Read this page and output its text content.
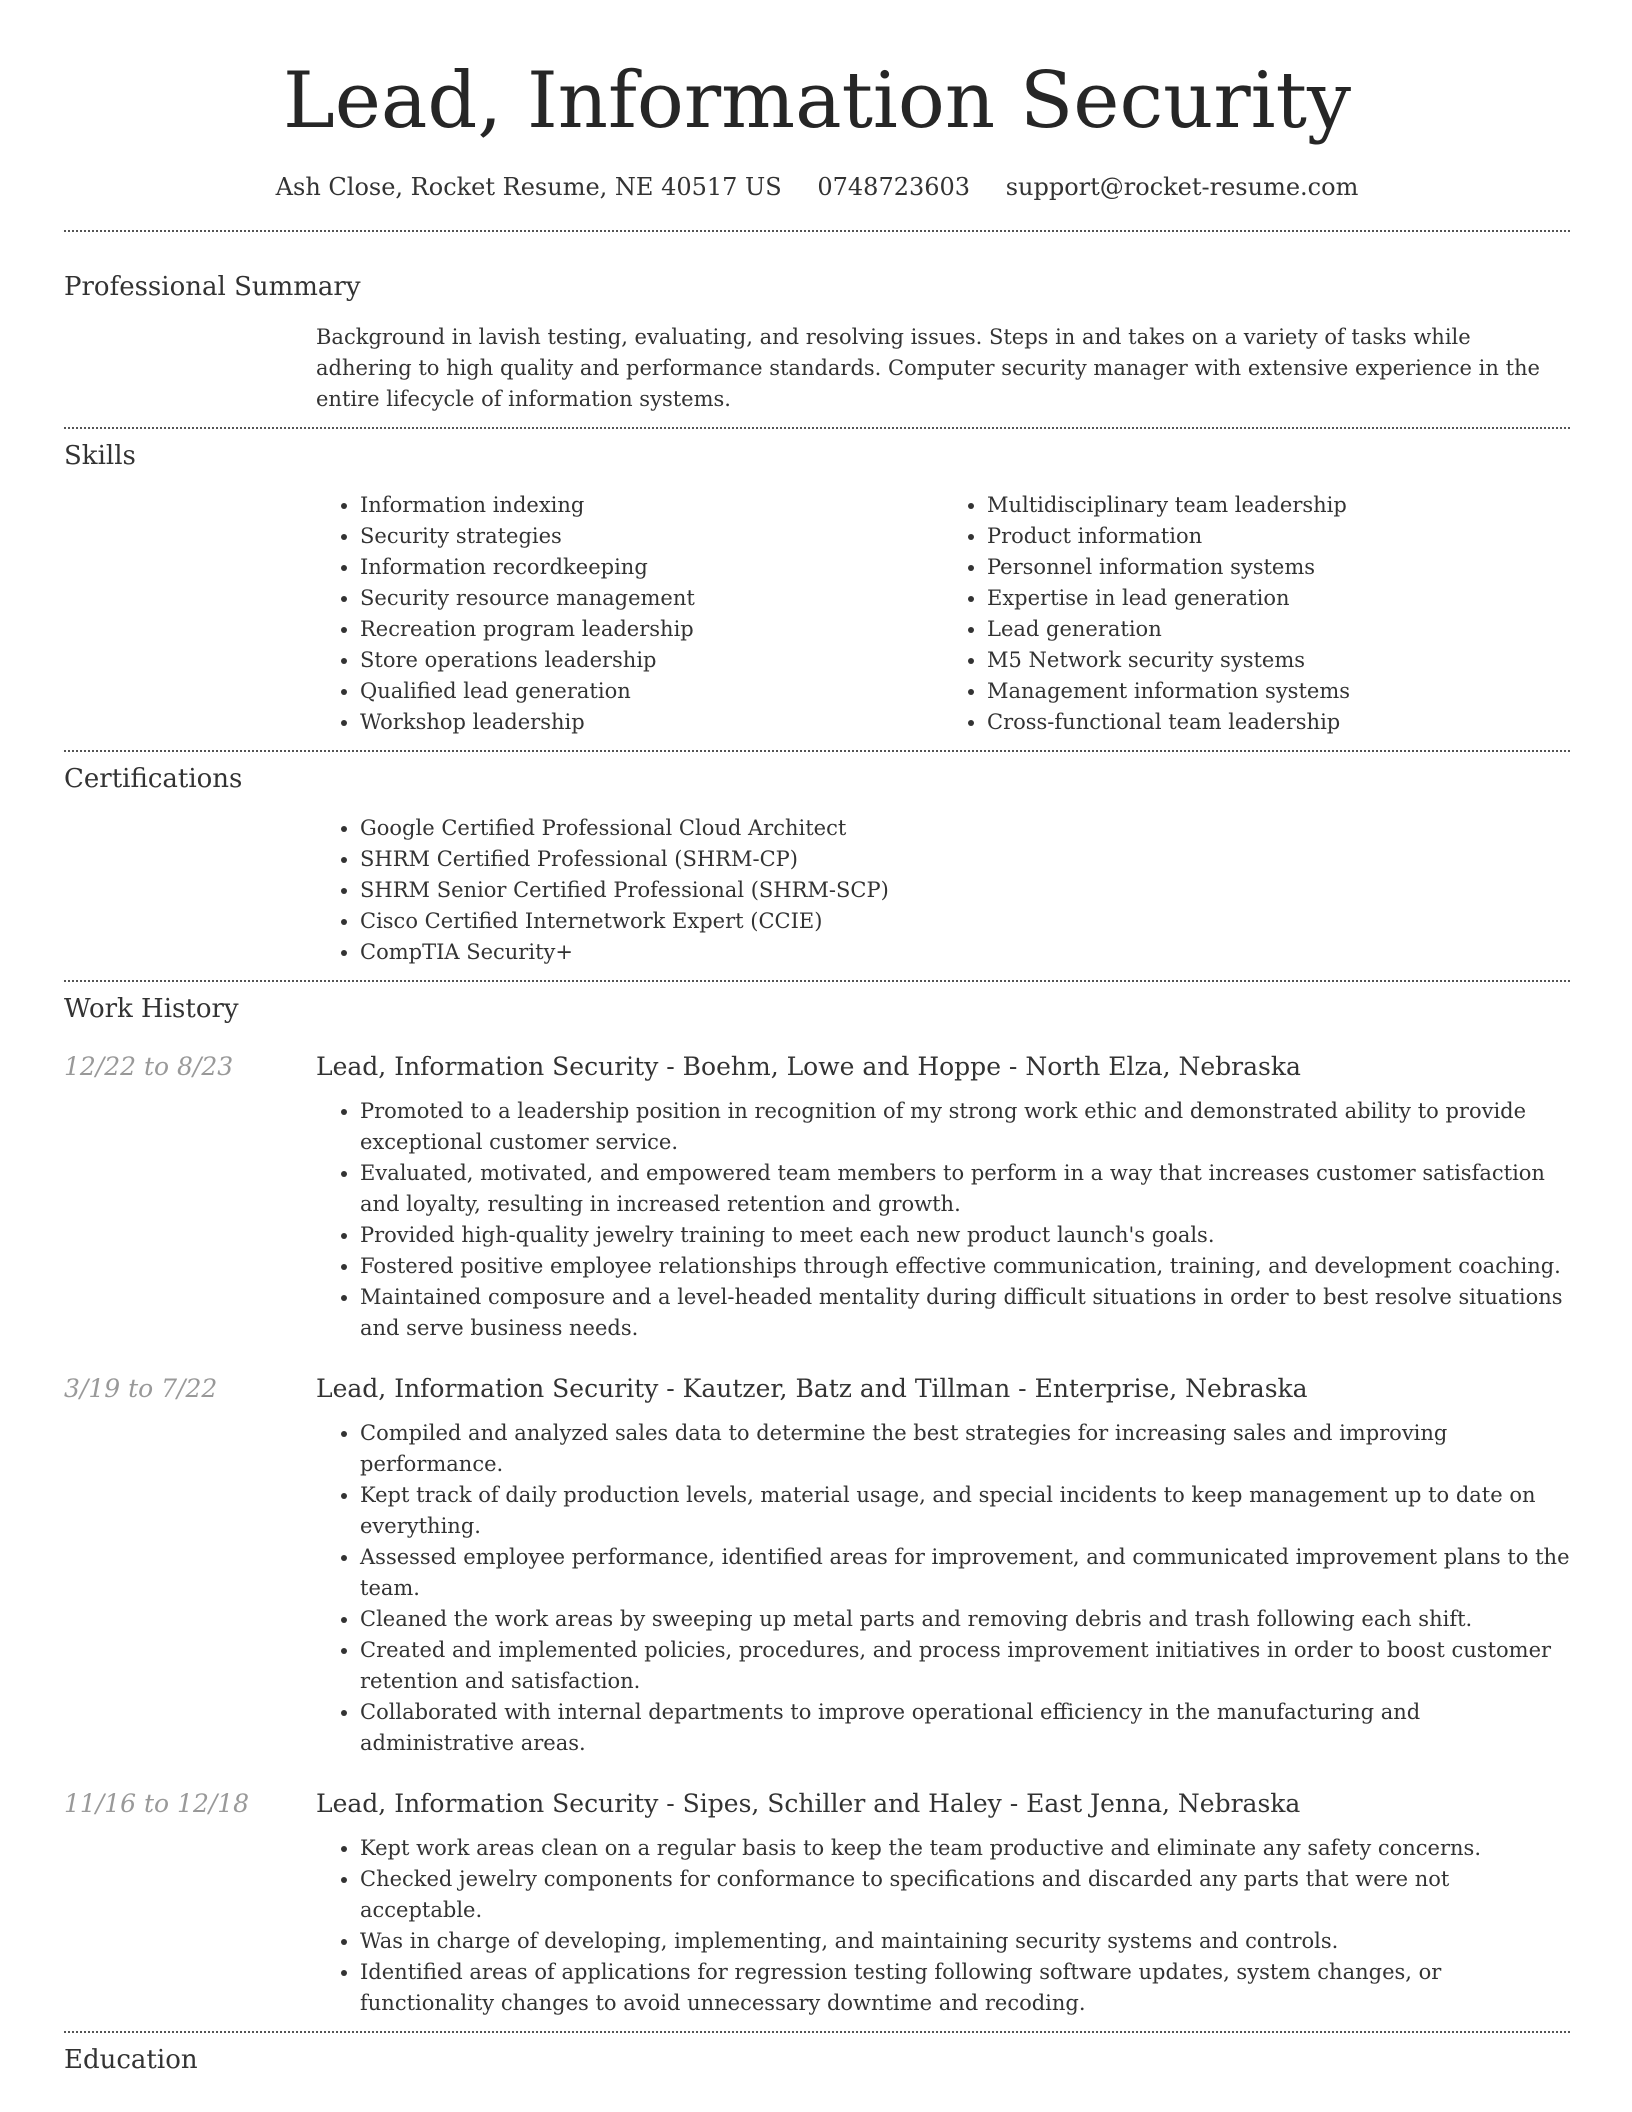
Lead, Information Security
Ash Close, Rocket Resume, NE 40517 US 0748723603 support@rocket-resume.com
Professional Summary
Background in lavish testing, evaluating, and resolving issues. Steps in and takes on a variety of tasks while adhering to high quality and performance standards. Computer security manager with extensive experience in the entire lifecycle of information systems.
Skills
• Information indexing
• Security strategies
• Information recordkeeping
• Security resource management
• Recreation program leadership
• Store operations leadership
• Qualified lead generation
• Workshop leadership
• Multidisciplinary team leadership
• Product information
• Personnel information systems
• Expertise in lead generation
• Lead generation
• M5 Network security systems
• Management information systems
• Cross-functional team leadership
Certifications
• Google Certified Professional Cloud Architect
• SHRM Certified Professional (SHRM-CP)
• SHRM Senior Certified Professional (SHRM-SCP)
• Cisco Certified Internetwork Expert (CCIE)
• CompTIA Security+
Work History
12/22 to 8/23	Lead, Information Security - Boehm, Lowe and Hoppe - North Elza, Nebraska
• Promoted to a leadership position in recognition of my strong work ethic and demonstrated ability to provide exceptional customer service.
• Evaluated, motivated, and empowered team members to perform in a way that increases customer satisfaction and loyalty, resulting in increased retention and growth.
• Provided high-quality jewelry training to meet each new product launch's goals.
• Fostered positive employee relationships through effective communication, training, and development coaching.
• Maintained composure and a level-headed mentality during difficult situations in order to best resolve situations and serve business needs.
3/19 to 7/22	Lead, Information Security - Kautzer, Batz and Tillman - Enterprise, Nebraska
• Compiled and analyzed sales data to determine the best strategies for increasing sales and improving performance.
• Kept track of daily production levels, material usage, and special incidents to keep management up to date on everything.
• Assessed employee performance, identified areas for improvement, and communicated improvement plans to the team.
• Cleaned the work areas by sweeping up metal parts and removing debris and trash following each shift.
• Created and implemented policies, procedures, and process improvement initiatives in order to boost customer retention and satisfaction.
• Collaborated with internal departments to improve operational efficiency in the manufacturing and administrative areas.
11/16 to 12/18	Lead, Information Security - Sipes, Schiller and Haley - East Jenna, Nebraska
• Kept work areas clean on a regular basis to keep the team productive and eliminate any safety concerns.
• Checked jewelry components for conformance to specifications and discarded any parts that were not acceptable.
• Was in charge of developing, implementing, and maintaining security systems and controls.
• Identified areas of applications for regression testing following software updates, system changes, or functionality changes to avoid unnecessary downtime and recoding.
Education
